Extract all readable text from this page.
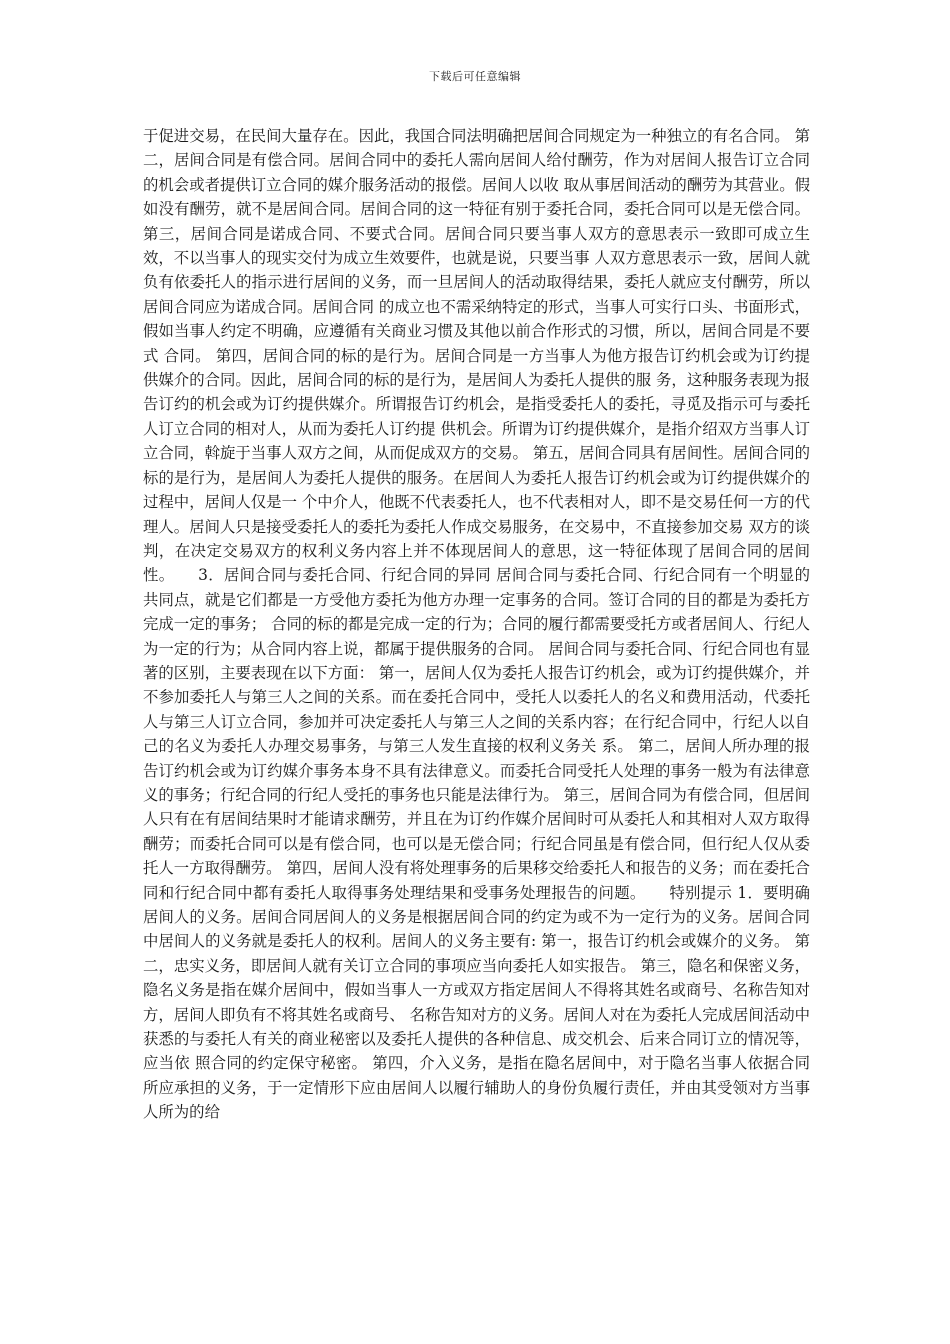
下载后可任意编辑
于促进交易，在民间大量存在。因此，我国合同法明确把居间合同规定为一种独立的有名合同。 第二，居间合同是有偿合同。居间合同中的委托人需向居间人给付酬劳，作为对居间人报告订立合同的机会或者提供订立合同的媒介服务活动的报偿。居间人以收 取从事居间活动的酬劳为其营业。假如没有酬劳，就不是居间合同。居间合同的这一特征有别于委托合同，委托合同可以是无偿合同。 第三，居间合同是诺成合同、不要式合同。居间合同只要当事人双方的意思表示一致即可成立生效，不以当事人的现实交付为成立生效要件，也就是说，只要当事 人双方意思表示一致，居间人就负有依委托人的指示进行居间的义务，而一旦居间人的活动取得结果，委托人就应支付酬劳，所以居间合同应为诺成合同。居间合同 的成立也不需采纳特定的形式，当事人可实行口头、书面形式，假如当事人约定不明确，应遵循有关商业习惯及其他以前合作形式的习惯，所以，居间合同是不要式 合同。 第四，居间合同的标的是行为。居间合同是一方当事人为他方报告订约机会或为订约提供媒介的合同。因此，居间合同的标的是行为，是居间人为委托人提供的服 务，这种服务表现为报告订约的机会或为订约提供媒介。所谓报告订约机会，是指受委托人的委托，寻觅及指示可与委托人订立合同的相对人，从而为委托人订约提 供机会。所谓为订约提供媒介，是指介绍双方当事人订立合同，斡旋于当事人双方之间，从而促成双方的交易。 第五，居间合同具有居间性。居间合同的标的是行为，是居间人为委托人提供的服务。在居间人为委托人报告订约机会或为订约提供媒介的过程中，居间人仅是一 个中介人，他既不代表委托人，也不代表相对人，即不是交易任何一方的代理人。居间人只是接受委托人的委托为委托人作成交易服务，在交易中，不直接参加交易 双方的谈判，在决定交易双方的权利义务内容上并不体现居间人的意思，这一特征体现了居间合同的居间性。　　3．居间合同与委托合同、行纪合同的异同 居间合同与委托合同、行纪合同有一个明显的共同点，就是它们都是一方受他方委托为他方办理一定事务的合同。签订合同的目的都是为委托方完成一定的事务； 合同的标的都是完成一定的行为；合同的履行都需要受托方或者居间人、行纪人为一定的行为；从合同内容上说，都属于提供服务的合同。 居间合同与委托合同、行纪合同也有显著的区别，主要表现在以下方面： 第一，居间人仅为委托人报告订约机会，或为订约提供媒介，并不参加委托人与第三人之间的关系。而在委托合同中，受托人以委托人的名义和费用活动，代委托 人与第三人订立合同，参加并可决定委托人与第三人之间的关系内容；在行纪合同中，行纪人以自己的名义为委托人办理交易事务，与第三人发生直接的权利义务关 系。 第二，居间人所办理的报告订约机会或为订约媒介事务本身不具有法律意义。而委托合同受托人处理的事务一般为有法律意义的事务；行纪合同的行纪人受托的事务也只能是法律行为。 第三，居间合同为有偿合同，但居间人只有在有居间结果时才能请求酬劳，并且在为订约作媒介居间时可从委托人和其相对人双方取得酬劳；而委托合同可以是有偿合同，也可以是无偿合同；行纪合同虽是有偿合同，但行纪人仅从委托人一方取得酬劳。 第四，居间人没有将处理事务的后果移交给委托人和报告的义务；而在委托合同和行纪合同中都有委托人取得事务处理结果和受事务处理报告的问题。　　特别提示 1．要明确居间人的义务。居间合同居间人的义务是根据居间合同的约定为或不为一定行为的义务。居间合同中居间人的义务就是委托人的权利。居间人的义务主要有: 第一，报告订约机会或媒介的义务。 第二，忠实义务，即居间人就有关订立合同的事项应当向委托人如实报告。 第三，隐名和保密义务，隐名义务是指在媒介居间中，假如当事人一方或双方指定居间人不得将其姓名或商号、名称告知对方，居间人即负有不将其姓名或商号、 名称告知对方的义务。居间人对在为委托人完成居间活动中获悉的与委托人有关的商业秘密以及委托人提供的各种信息、成交机会、后来合同订立的情况等，应当依 照合同的约定保守秘密。 第四，介入义务，是指在隐名居间中，对于隐名当事人依据合同所应承担的义务，于一定情形下应由居间人以履行辅助人的身份负履行责任，并由其受领对方当事 人所为的给
